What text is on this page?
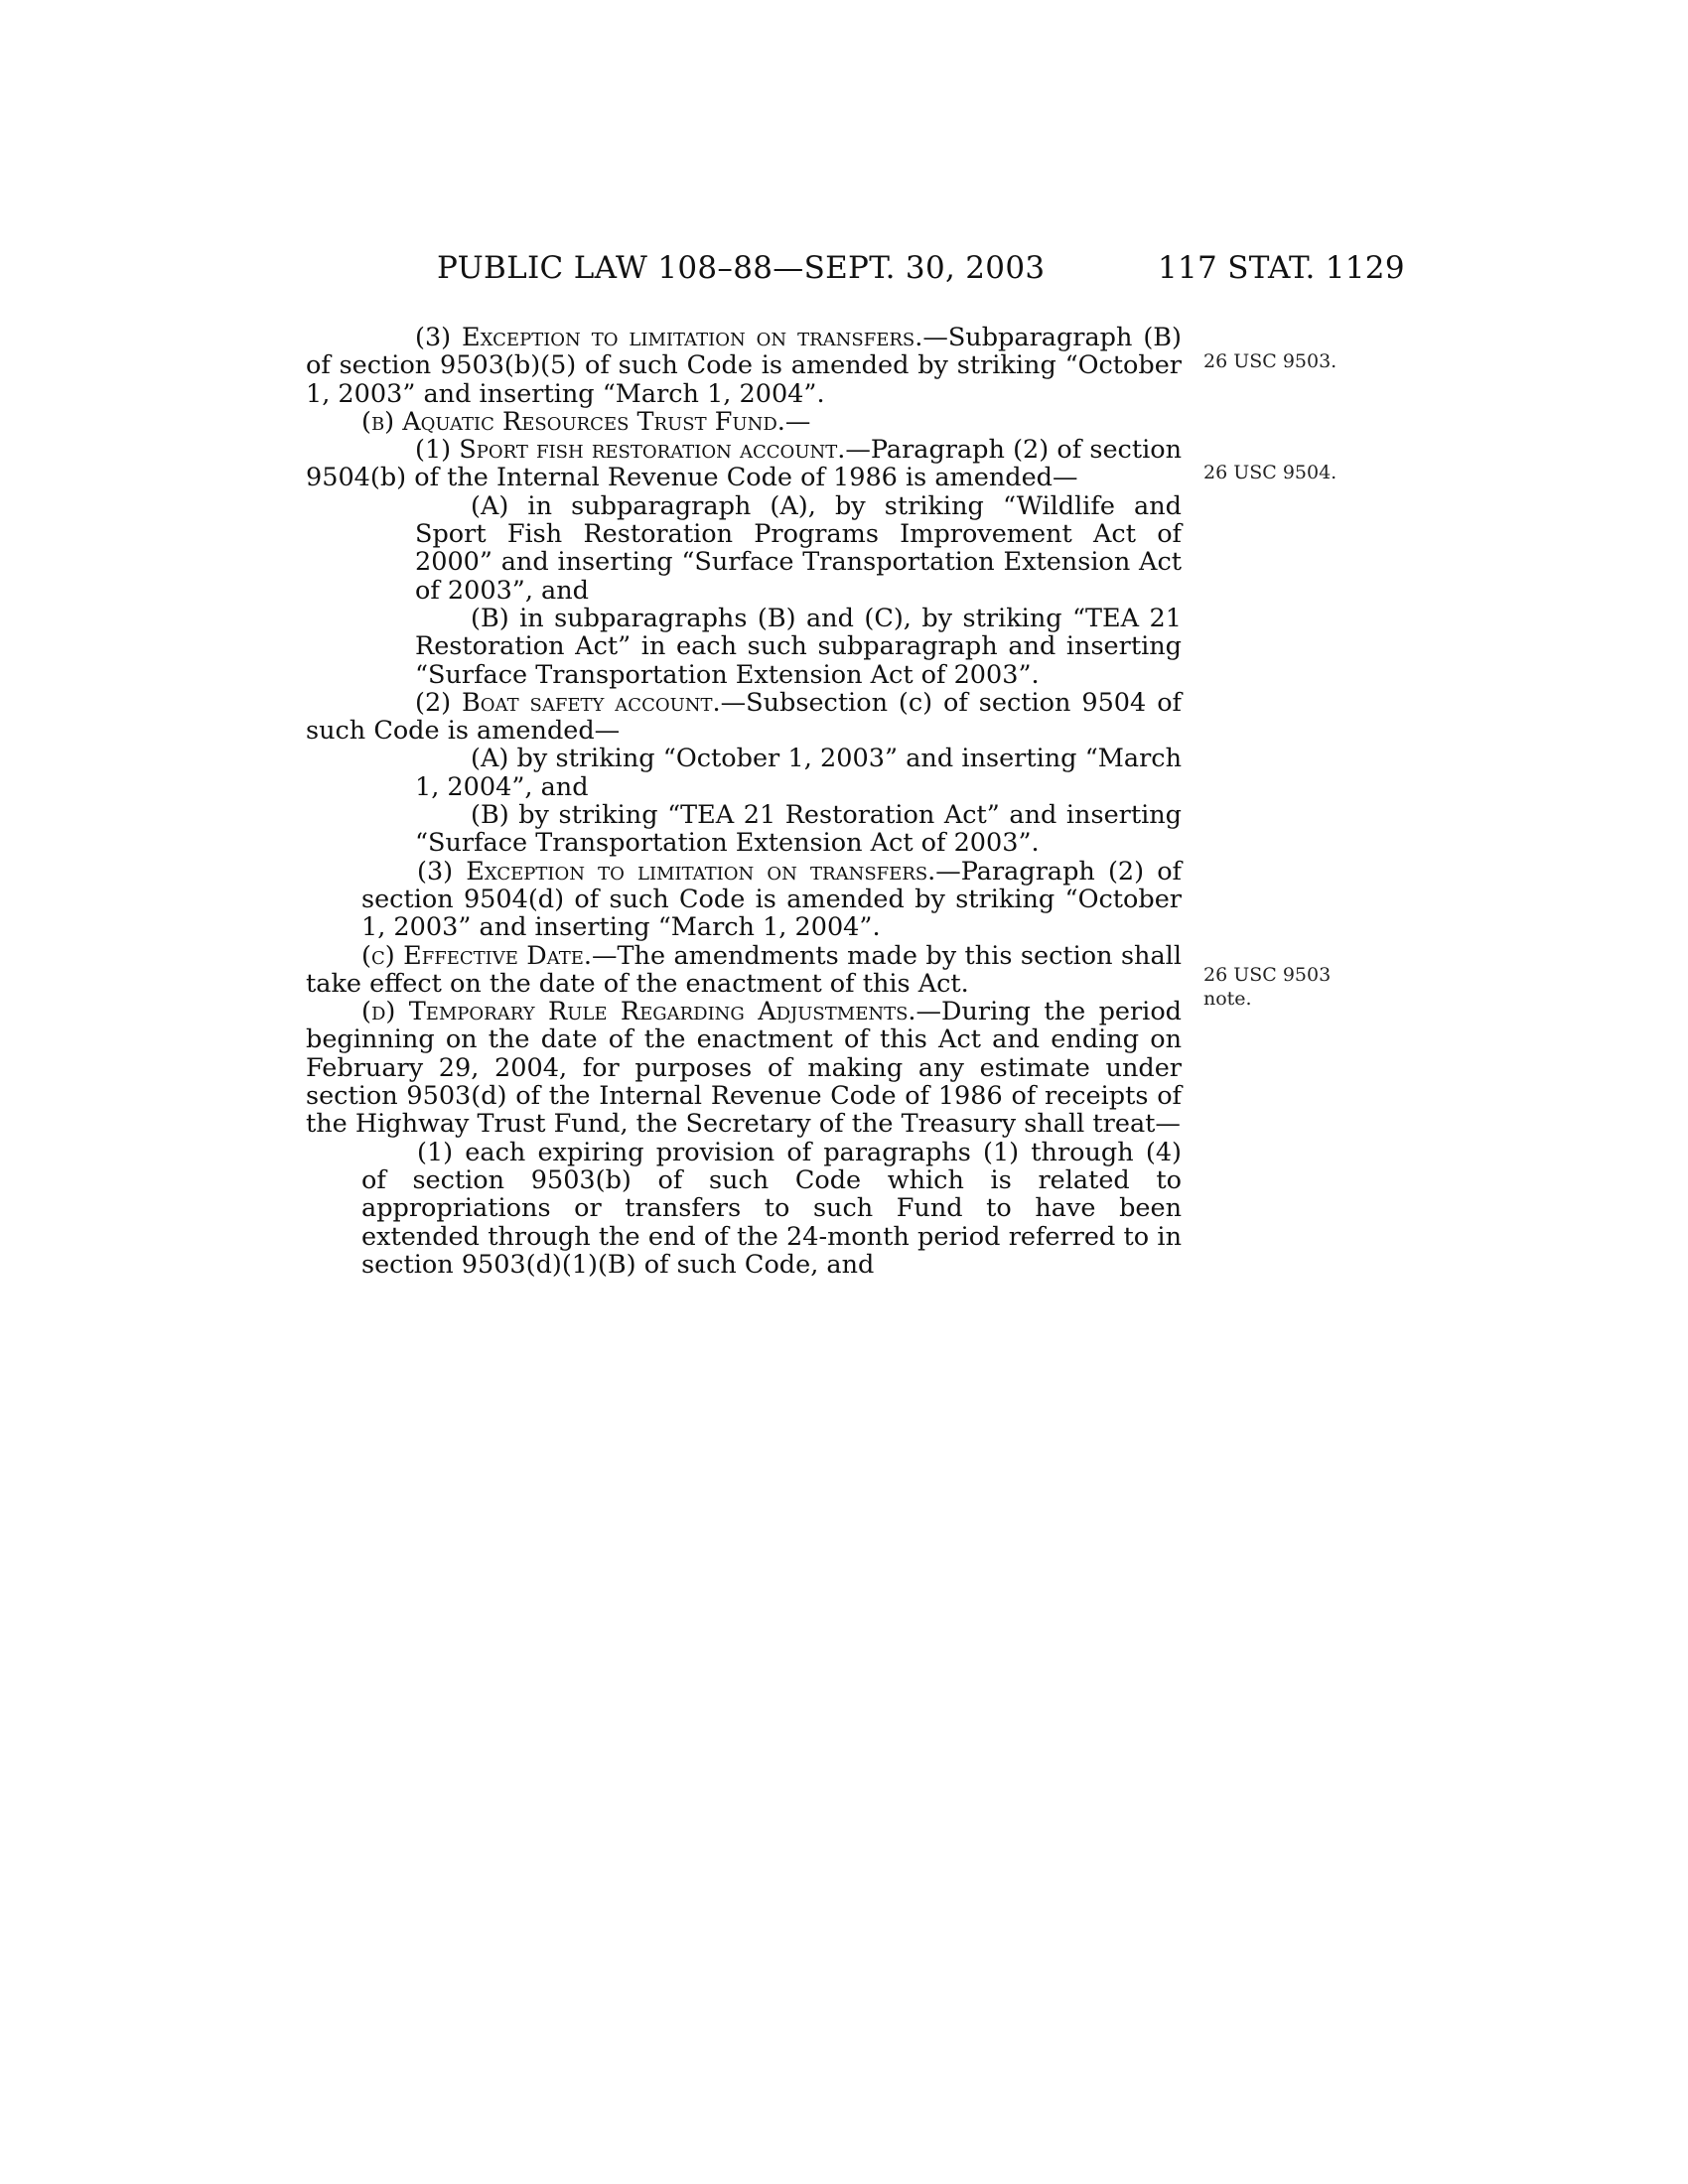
PUBLIC LAW 108–88—SEPT. 30, 2003	117 STAT. 1129
26 USC 9503.
26 USC 9504.
26 USC 9503
note.

(3) Exception to limitation on transfers.—Subparagraph (B) of section 9503(b)(5) of such Code is amended by striking “October 1, 2003” and inserting “March 1, 2004”.

(b) Aquatic Resources Trust Fund.—

(1) Sport fish restoration account.—Paragraph (2) of section 9504(b) of the Internal Revenue Code of 1986 is amended—

(A) in subparagraph (A), by striking “Wildlife and Sport Fish Restoration Programs Improvement Act of 2000” and inserting “Surface Transportation Extension Act of 2003”, and

(B) in subparagraphs (B) and (C), by striking “TEA 21 Restoration Act” in each such subparagraph and inserting “Surface Transportation Extension Act of 2003”.

(2) Boat safety account.—Subsection (c) of section 9504 of such Code is amended—

(A) by striking “October 1, 2003” and inserting “March 1, 2004”, and

(B) by striking “TEA 21 Restoration Act” and inserting “Surface Transportation Extension Act of 2003”.

(3) Exception to limitation on transfers.—Paragraph (2) of section 9504(d) of such Code is amended by striking “October 1, 2003” and inserting “March 1, 2004”.

(c) Effective Date.—The amendments made by this section shall take effect on the date of the enactment of this Act.

(d) Temporary Rule Regarding Adjustments.—During the period beginning on the date of the enactment of this Act and ending on February 29, 2004, for purposes of making any estimate under section 9503(d) of the Internal Revenue Code of 1986 of receipts of the Highway Trust Fund, the Secretary of the Treasury shall treat—

(1) each expiring provision of paragraphs (1) through (4) of section 9503(b) of such Code which is related to appropriations or transfers to such Fund to have been extended through the end of the 24-month period referred to in section 9503(d)(1)(B) of such Code, and
